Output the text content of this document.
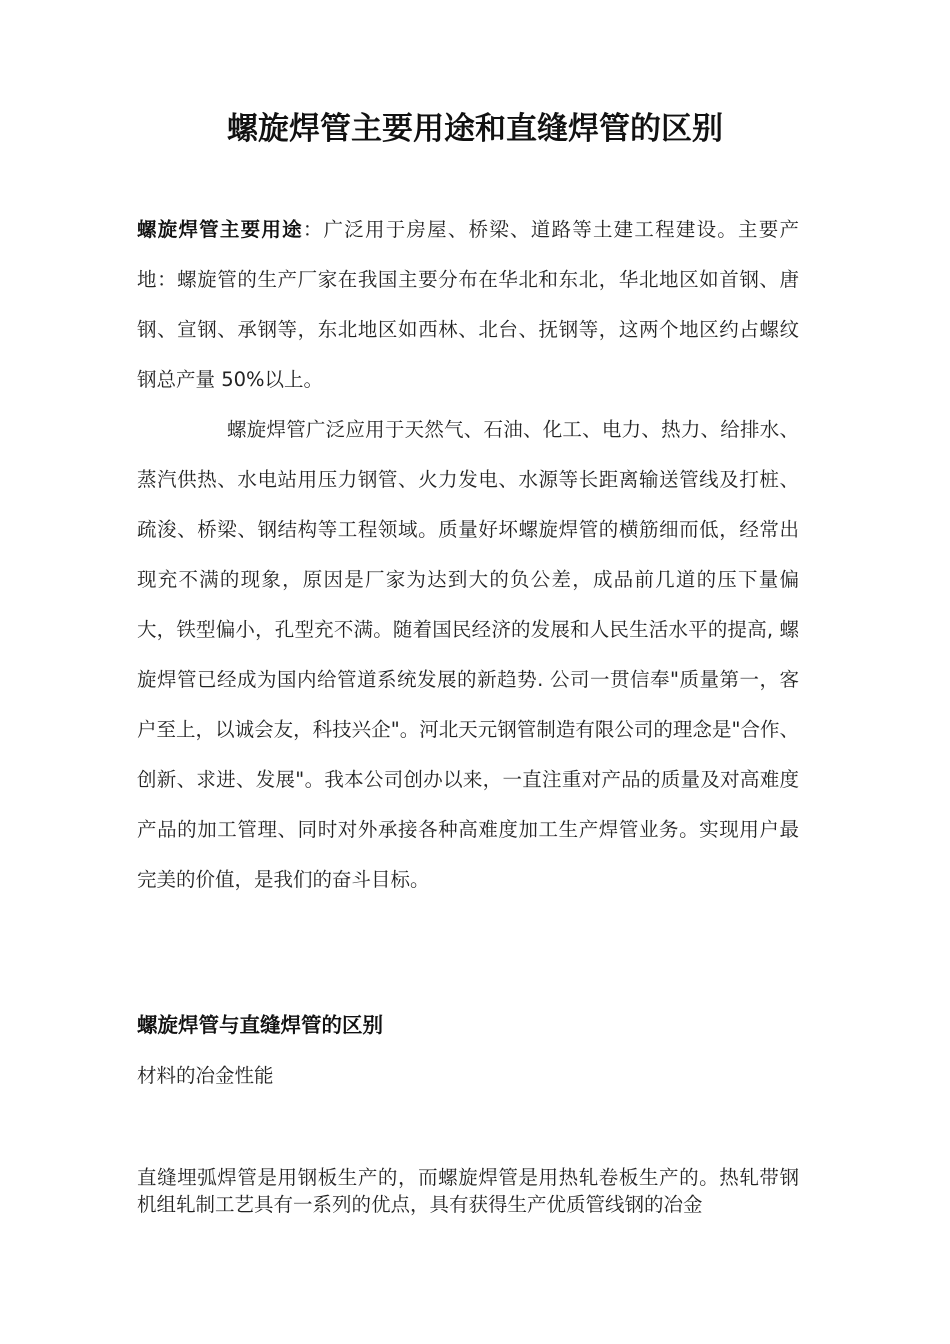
螺旋焊管主要用途和直缝焊管的区别

螺旋焊管主要用途：广泛用于房屋、桥梁、道路等土建工程建设。主要产地：螺旋管的生产厂家在我国主要分布在华北和东北，华北地区如首钢、唐钢、宣钢、承钢等，东北地区如西林、北台、抚钢等，这两个地区约占螺纹钢总产量 50%以上。

螺旋焊管广泛应用于天然气、石油、化工、电力、热力、给排水、蒸汽供热、水电站用压力钢管、火力发电、水源等长距离输送管线及打桩、疏浚、桥梁、钢结构等工程领域。质量好坏螺旋焊管的横筋细而低，经常出现充不满的现象，原因是厂家为达到大的负公差，成品前几道的压下量偏大，铁型偏小，孔型充不满。随着国民经济的发展和人民生活水平的提高, 螺旋焊管已经成为国内给管道系统发展的新趋势. 公司一贯信奉"质量第一，客户至上，以诚会友，科技兴企"。河北天元钢管制造有限公司的理念是"合作、创新、求进、发展"。我本公司创办以来，一直注重对产品的质量及对高难度产品的加工管理、同时对外承接各种高难度加工生产焊管业务。实现用户最完美的价值，是我们的奋斗目标。

螺旋焊管与直缝焊管的区别

材料的冶金性能

直缝埋弧焊管是用钢板生产的，而螺旋焊管是用热轧卷板生产的。热轧带钢机组轧制工艺具有一系列的优点，具有获得生产优质管线钢的冶金
